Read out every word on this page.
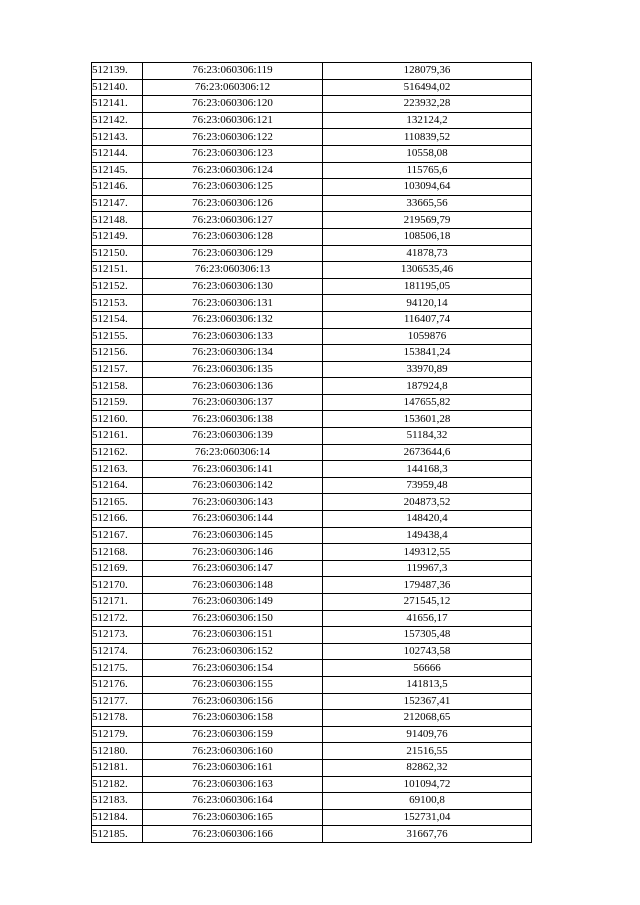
512139.	76:23:060306:119	128079,36
512140.	76:23:060306:12	516494,02
512141.	76:23:060306:120	223932,28
512142.	76:23:060306:121	132124,2
512143.	76:23:060306:122	110839,52
512144.	76:23:060306:123	10558,08
512145.	76:23:060306:124	115765,6
512146.	76:23:060306:125	103094,64
512147.	76:23:060306:126	33665,56
512148.	76:23:060306:127	219569,79
512149.	76:23:060306:128	108506,18
512150.	76:23:060306:129	41878,73
512151.	76:23:060306:13	1306535,46
512152.	76:23:060306:130	181195,05
512153.	76:23:060306:131	94120,14
512154.	76:23:060306:132	116407,74
512155.	76:23:060306:133	1059876
512156.	76:23:060306:134	153841,24
512157.	76:23:060306:135	33970,89
512158.	76:23:060306:136	187924,8
512159.	76:23:060306:137	147655,82
512160.	76:23:060306:138	153601,28
512161.	76:23:060306:139	51184,32
512162.	76:23:060306:14	2673644,6
512163.	76:23:060306:141	144168,3
512164.	76:23:060306:142	73959,48
512165.	76:23:060306:143	204873,52
512166.	76:23:060306:144	148420,4
512167.	76:23:060306:145	149438,4
512168.	76:23:060306:146	149312,55
512169.	76:23:060306:147	119967,3
512170.	76:23:060306:148	179487,36
512171.	76:23:060306:149	271545,12
512172.	76:23:060306:150	41656,17
512173.	76:23:060306:151	157305,48
512174.	76:23:060306:152	102743,58
512175.	76:23:060306:154	56666
512176.	76:23:060306:155	141813,5
512177.	76:23:060306:156	152367,41
512178.	76:23:060306:158	212068,65
512179.	76:23:060306:159	91409,76
512180.	76:23:060306:160	21516,55
512181.	76:23:060306:161	82862,32
512182.	76:23:060306:163	101094,72
512183.	76:23:060306:164	69100,8
512184.	76:23:060306:165	152731,04
512185.	76:23:060306:166	31667,76
